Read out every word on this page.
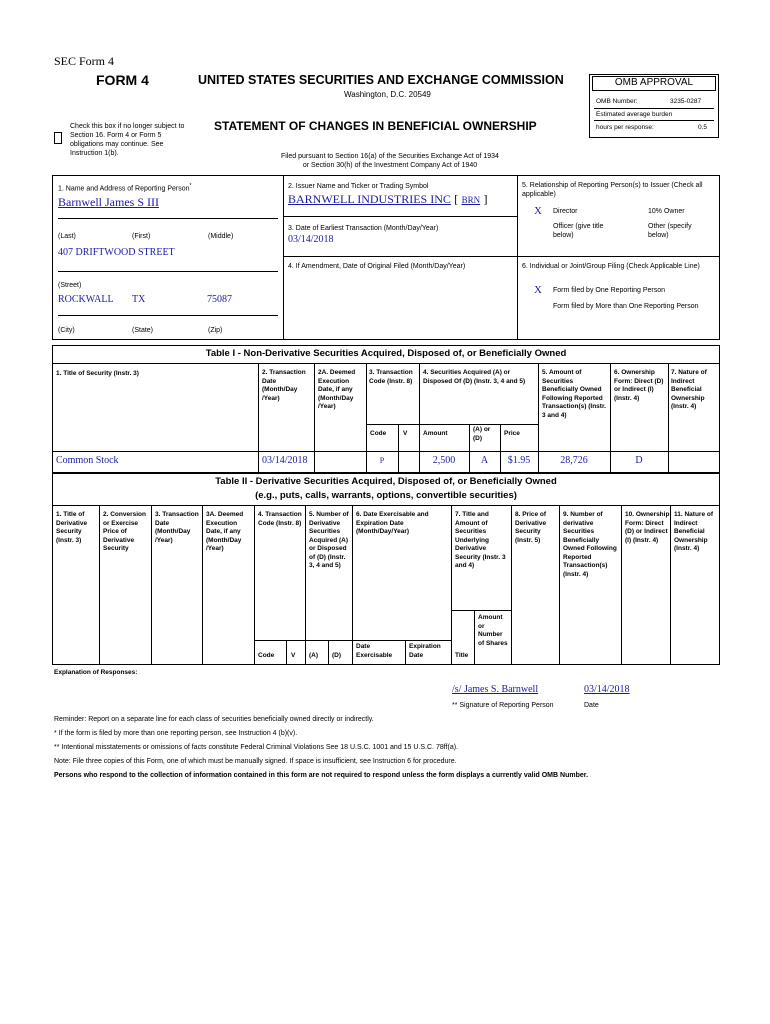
SEC Form 4
FORM 4	UNITED STATES SECURITIES AND EXCHANGE COMMISSION
Washington, D.C. 20549
STATEMENT OF CHANGES IN BENEFICIAL OWNERSHIP
Check this box if no longer subject to Section 16. Form 4 or Form 5 obligations may continue. See Instruction 1(b).	Filed pursuant to Section 16(a) of the Securities Exchange Act of 1934
or Section 30(h) of the Investment Company Act of 1940
OMB APPROVAL
OMB Number:	3235-0287
Estimated average burden
hours per response:	0.5
1. Name and Address of Reporting Person*
Barnwell James S III
(Last)	(First)	(Middle)
407 DRIFTWOOD STREET
(Street)
ROCKWALL TX	75087
(City)	(State)	(Zip)
2. Issuer Name and Ticker or Trading Symbol
BARNWELL INDUSTRIES INC [ BRN ]
3. Date of Earliest Transaction (Month/Day/Year)
03/14/2018
4. If Amendment, Date of Original Filed (Month/Day/Year)
5. Relationship of Reporting Person(s) to Issuer (Check all applicable)
X Director	10% Owner
Officer (give title below)
Other (specify below)
6. Individual or Joint/Group Filing (Check Applicable Line)
X Form filed by One Reporting Person
Form filed by More than One Reporting Person
Table I - Non-Derivative Securities Acquired, Disposed of, or Beneficially Owned
1. Title of Security (Instr. 3)	2. Transaction Date (Month/Day /Year)
2A. Deemed Execution Date, if any (Month/Day /Year)
3. Transaction Code (Instr. 8)
4. Securities Acquired (A) or Disposed Of (D) (Instr. 3, 4 and 5)
5. Amount of Securities Beneficially Owned Following Reported Transaction(s) (Instr. 3 and 4)
6. Ownership Form: Direct (D) or Indirect (I) (Instr. 4)
7. Nature of Indirect Beneficial Ownership (Instr. 4)
Code	V Amount
(A) or (D)
Price
Common Stock	03/14/2018	P	2,500	A	$1.95	28,726	D
Table II - Derivative Securities Acquired, Disposed of, or Beneficially Owned
(e.g., puts, calls, warrants, options, convertible securities)
1. Title of Derivative Security (Instr. 3)
2. Conversion or Exercise Price of Derivative Security
3. Transaction Date (Month/Day /Year)
3A. Deemed Execution Date, if any (Month/Day /Year)
4. Transaction Code (Instr. 8)
5. Number of Derivative Securities Acquired (A) or Disposed of (D) (Instr. 3, 4 and 5)
6. Date Exercisable and Expiration Date (Month/Day/Year)
7. Title and Amount of Securities Underlying Derivative Security (Instr. 3 and 4)
8. Price of Derivative Security (Instr. 5)
9. Number of derivative Securities Beneficially Owned Following Reported Transaction(s) (Instr. 4)
10. Ownership Form: Direct (D) or Indirect (I) (Instr. 4)
11. Nature of Indirect Beneficial Ownership (Instr. 4)
Code	V (A) (D)
Date Exercisable
Expiration Date	Title
Amount or Number of Shares
Explanation of Responses:
/s/ James S. Barnwell	03/14/2018
** Signature of Reporting Person	Date
Reminder: Report on a separate line for each class of securities beneficially owned directly or indirectly.
* If the form is filed by more than one reporting person, see Instruction 4 (b)(v).
** Intentional misstatements or omissions of facts constitute Federal Criminal Violations See 18 U.S.C. 1001 and 15 U.S.C. 78ff(a).
Note: File three copies of this Form, one of which must be manually signed. If space is insufficient, see Instruction 6 for procedure.
Persons who respond to the collection of information contained in this form are not required to respond unless the form displays a currently valid OMB Number.
